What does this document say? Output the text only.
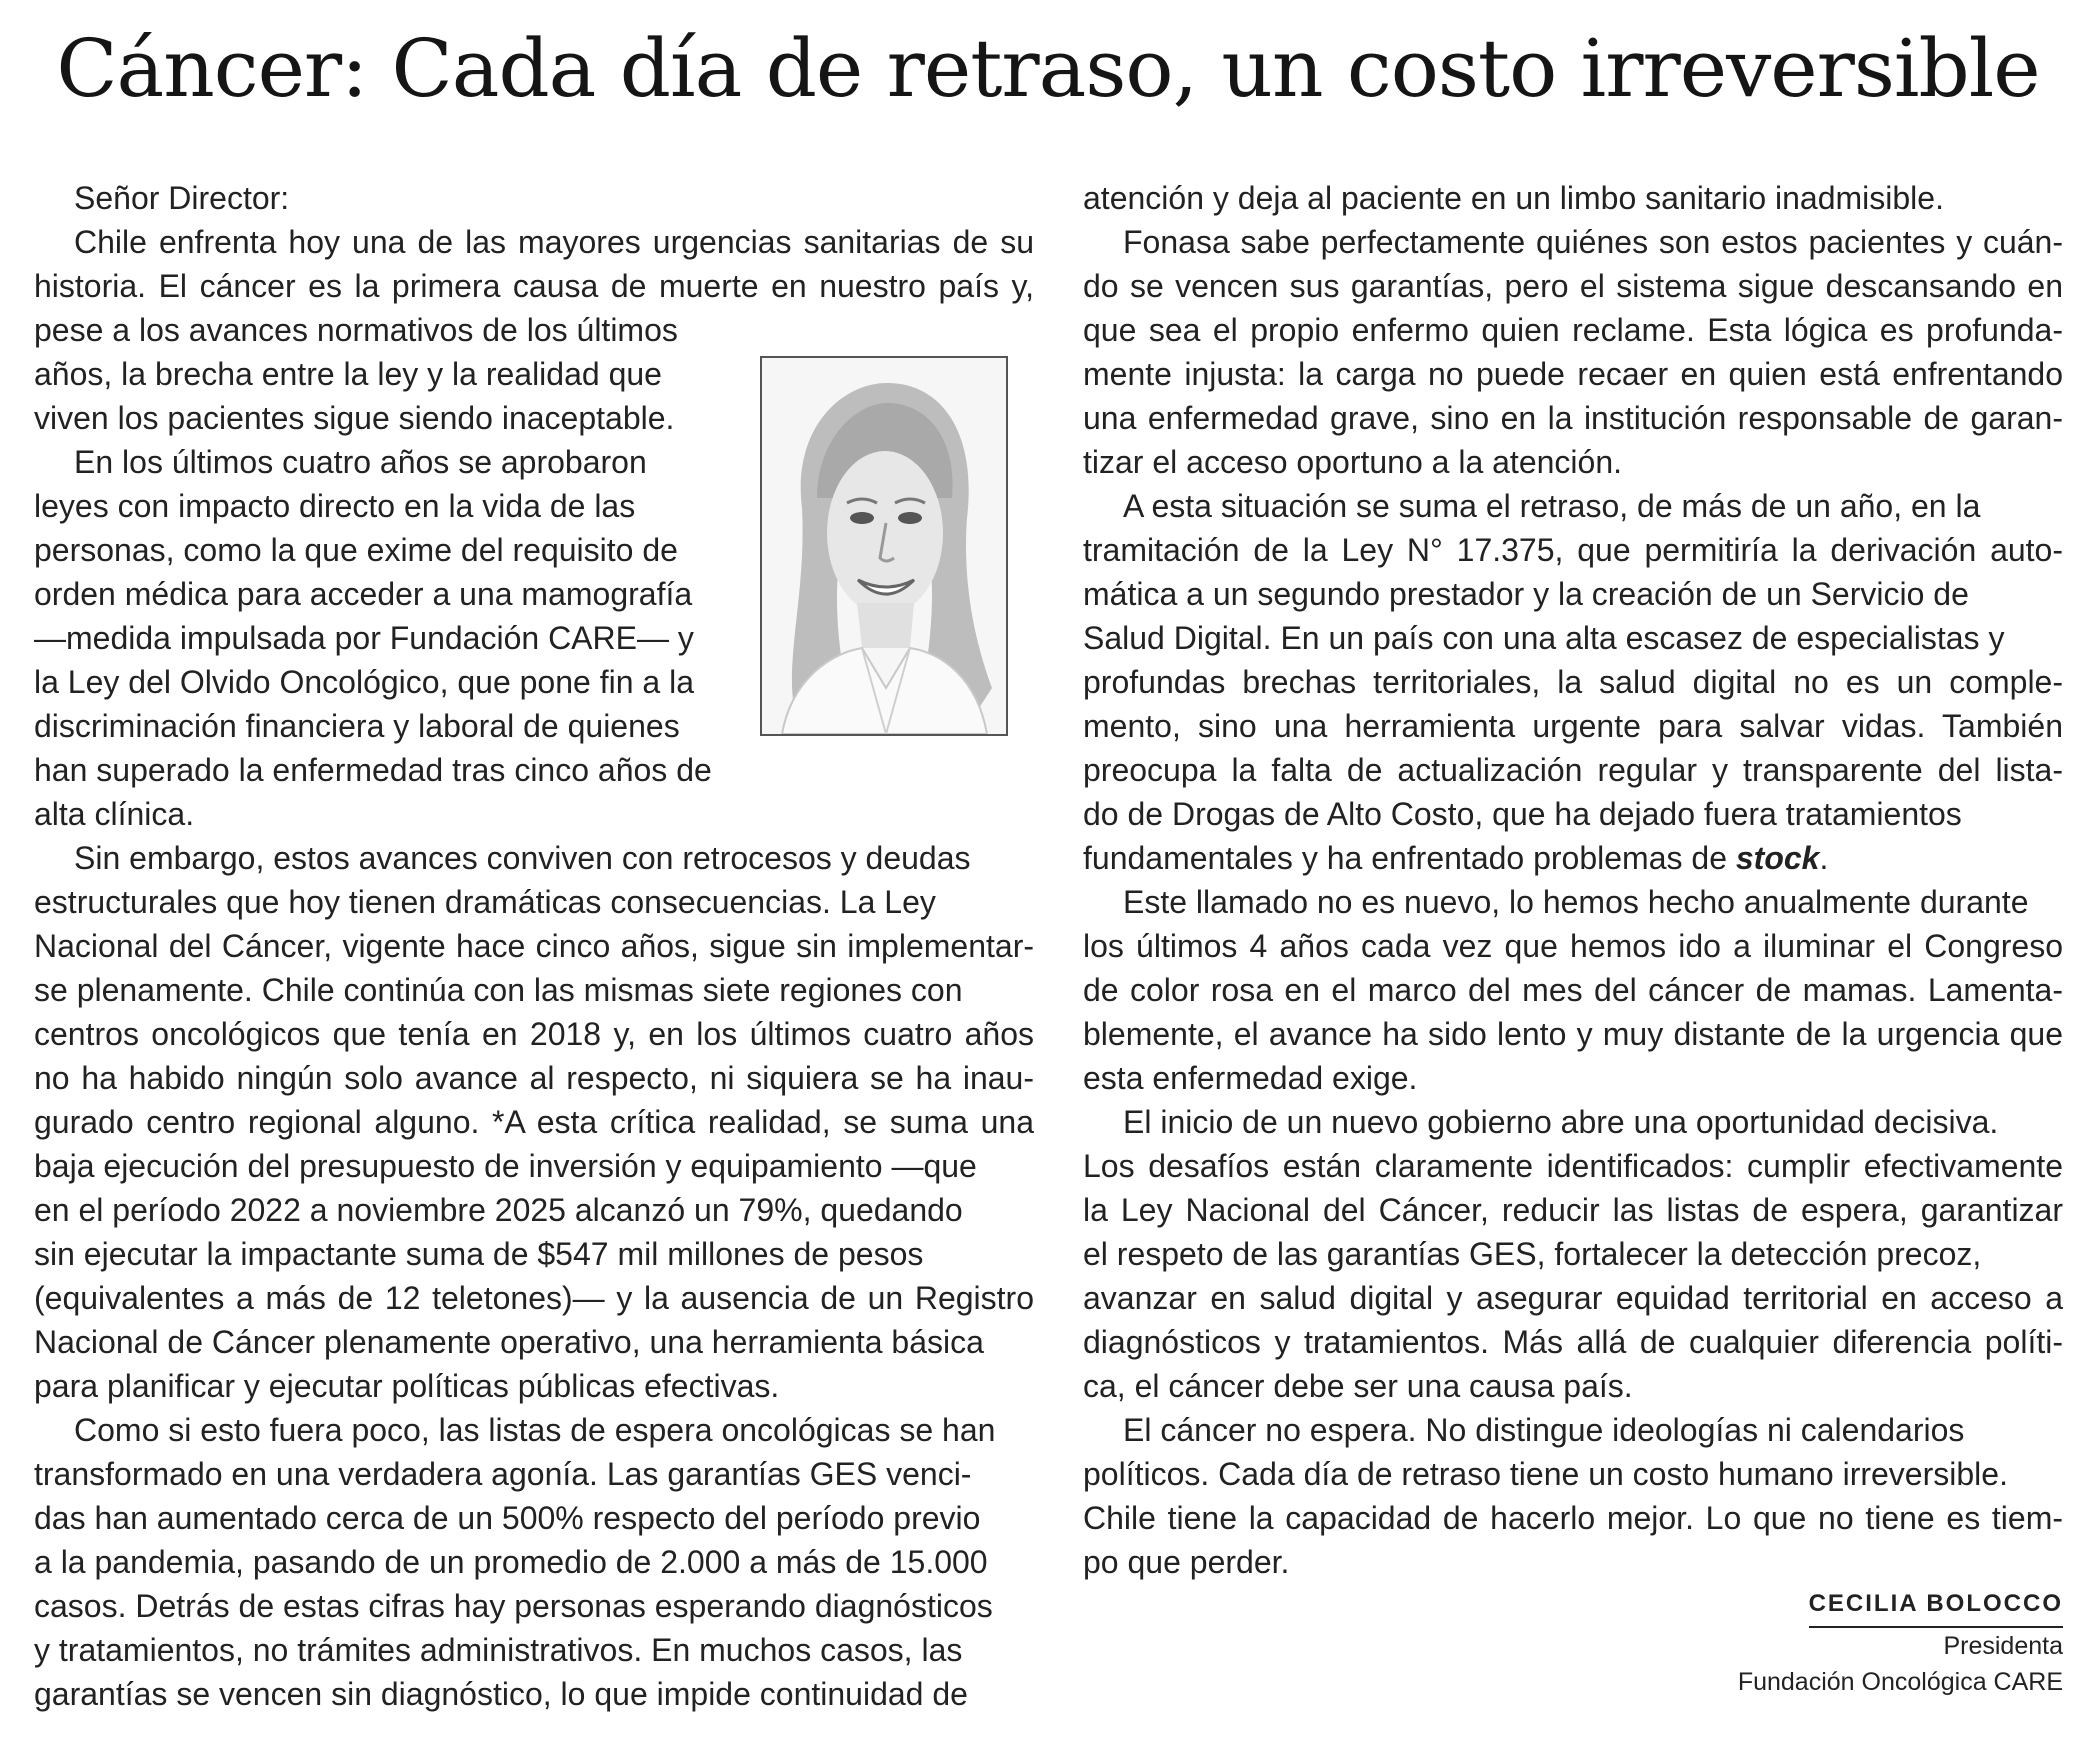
Cáncer: Cada día de retraso, un costo irreversible
Señor Director:
Chile enfrenta hoy una de las mayores urgencias sanitarias de su
historia. El cáncer es la primera causa de muerte en nuestro país y,
pese a los avances normativos de los últimos
años, la brecha entre la ley y la realidad que
viven los pacientes sigue siendo inaceptable.
En los últimos cuatro años se aprobaron
leyes con impacto directo en la vida de las
personas, como la que exime del requisito de
orden médica para acceder a una mamografía
—medida impulsada por Fundación CARE— y
la Ley del Olvido Oncológico, que pone fin a la
discriminación financiera y laboral de quienes
han superado la enfermedad tras cinco años de
alta clínica.
Sin embargo, estos avances conviven con retrocesos y deudas
estructurales que hoy tienen dramáticas consecuencias. La Ley
Nacional del Cáncer, vigente hace cinco años, sigue sin implementar-
se plenamente. Chile continúa con las mismas siete regiones con
centros oncológicos que tenía en 2018 y, en los últimos cuatro años
no ha habido ningún solo avance al respecto, ni siquiera se ha inau-
gurado centro regional alguno. *A esta crítica realidad, se suma una
baja ejecución del presupuesto de inversión y equipamiento —que
en el período 2022 a noviembre 2025 alcanzó un 79%, quedando
sin ejecutar la impactante suma de $547 mil millones de pesos
(equivalentes a más de 12 teletones)— y la ausencia de un Registro
Nacional de Cáncer plenamente operativo, una herramienta básica
para planificar y ejecutar políticas públicas efectivas.
Como si esto fuera poco, las listas de espera oncológicas se han
transformado en una verdadera agonía. Las garantías GES venci-
das han aumentado cerca de un 500% respecto del período previo
a la pandemia, pasando de un promedio de 2.000 a más de 15.000
casos. Detrás de estas cifras hay personas esperando diagnósticos
y tratamientos, no trámites administrativos. En muchos casos, las
garantías se vencen sin diagnóstico, lo que impide continuidad de
atención y deja al paciente en un limbo sanitario inadmisible.
Fonasa sabe perfectamente quiénes son estos pacientes y cuán-
do se vencen sus garantías, pero el sistema sigue descansando en
que sea el propio enfermo quien reclame. Esta lógica es profunda-
mente injusta: la carga no puede recaer en quien está enfrentando
una enfermedad grave, sino en la institución responsable de garan-
tizar el acceso oportuno a la atención.
A esta situación se suma el retraso, de más de un año, en la
tramitación de la Ley N° 17.375, que permitiría la derivación auto-
mática a un segundo prestador y la creación de un Servicio de
Salud Digital. En un país con una alta escasez de especialistas y
profundas brechas territoriales, la salud digital no es un comple-
mento, sino una herramienta urgente para salvar vidas. También
preocupa la falta de actualización regular y transparente del lista-
do de Drogas de Alto Costo, que ha dejado fuera tratamientos
fundamentales y ha enfrentado problemas de stock.
Este llamado no es nuevo, lo hemos hecho anualmente durante
los últimos 4 años cada vez que hemos ido a iluminar el Congreso
de color rosa en el marco del mes del cáncer de mamas. Lamenta-
blemente, el avance ha sido lento y muy distante de la urgencia que
esta enfermedad exige.
El inicio de un nuevo gobierno abre una oportunidad decisiva.
Los desafíos están claramente identificados: cumplir efectivamente
la Ley Nacional del Cáncer, reducir las listas de espera, garantizar
el respeto de las garantías GES, fortalecer la detección precoz,
avanzar en salud digital y asegurar equidad territorial en acceso a
diagnósticos y tratamientos. Más allá de cualquier diferencia políti-
ca, el cáncer debe ser una causa país.
El cáncer no espera. No distingue ideologías ni calendarios
políticos. Cada día de retraso tiene un costo humano irreversible.
Chile tiene la capacidad de hacerlo mejor. Lo que no tiene es tiem-
po que perder.
CECILIA BOLOCCO
Presidenta
Fundación Oncológica CARE
